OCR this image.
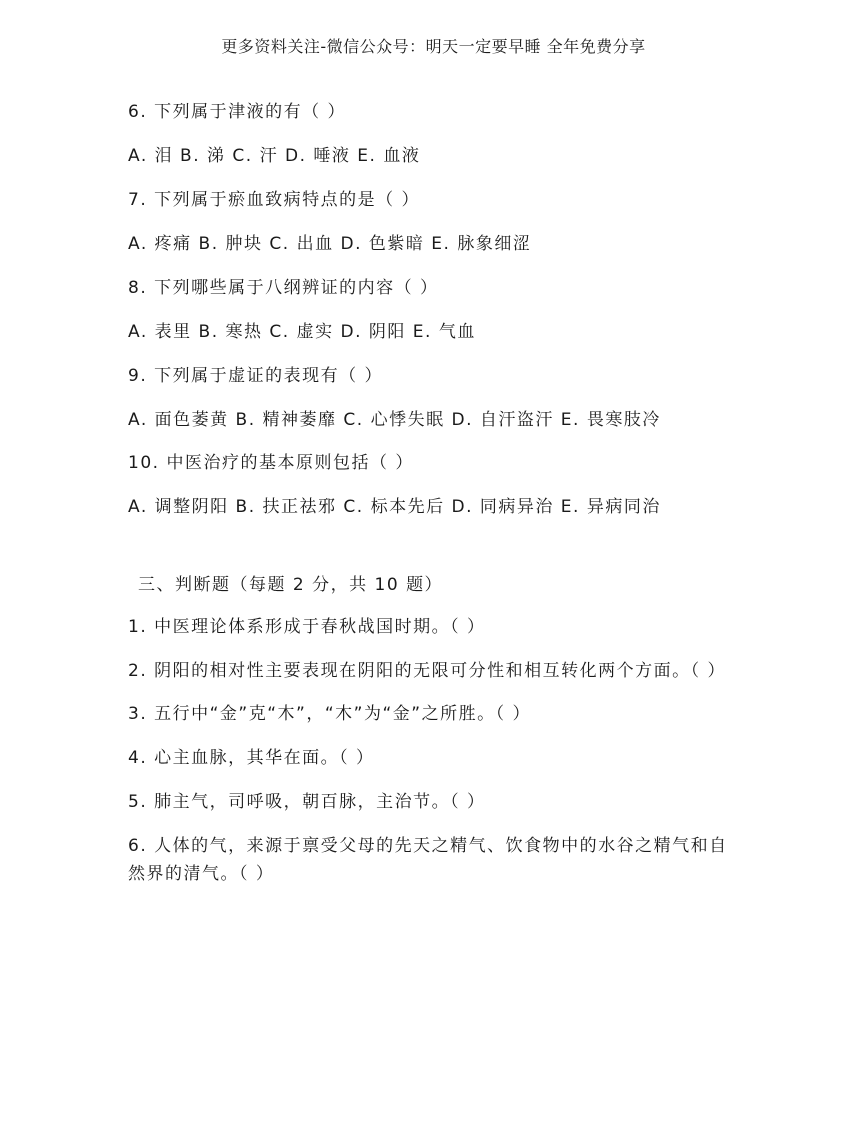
更多资料关注-微信公众号：明天一定要早睡 全年免费分享
6. 下列属于津液的有（ ）
A. 泪 B. 涕 C. 汗 D. 唾液 E. 血液
7. 下列属于瘀血致病特点的是（ ）
A. 疼痛 B. 肿块 C. 出血 D. 色紫暗 E. 脉象细涩
8. 下列哪些属于八纲辨证的内容（ ）
A. 表里 B. 寒热 C. 虚实 D. 阴阳 E. 气血
9. 下列属于虚证的表现有（ ）
A. 面色萎黄 B. 精神萎靡 C. 心悸失眠 D. 自汗盗汗 E. 畏寒肢冷
10. 中医治疗的基本原则包括（ ）
A. 调整阴阳 B. 扶正祛邪 C. 标本先后 D. 同病异治 E. 异病同治
三、判断题（每题 2 分，共 10 题）
1. 中医理论体系形成于春秋战国时期。（ ）
2. 阴阳的相对性主要表现在阴阳的无限可分性和相互转化两个方面。（ ）
3. 五行中“金”克“木”，“木”为“金”之所胜。（ ）
4. 心主血脉，其华在面。（ ）
5. 肺主气，司呼吸，朝百脉，主治节。（ ）
6. 人体的气，来源于禀受父母的先天之精气、饮食物中的水谷之精气和自然界的清气。（ ）
